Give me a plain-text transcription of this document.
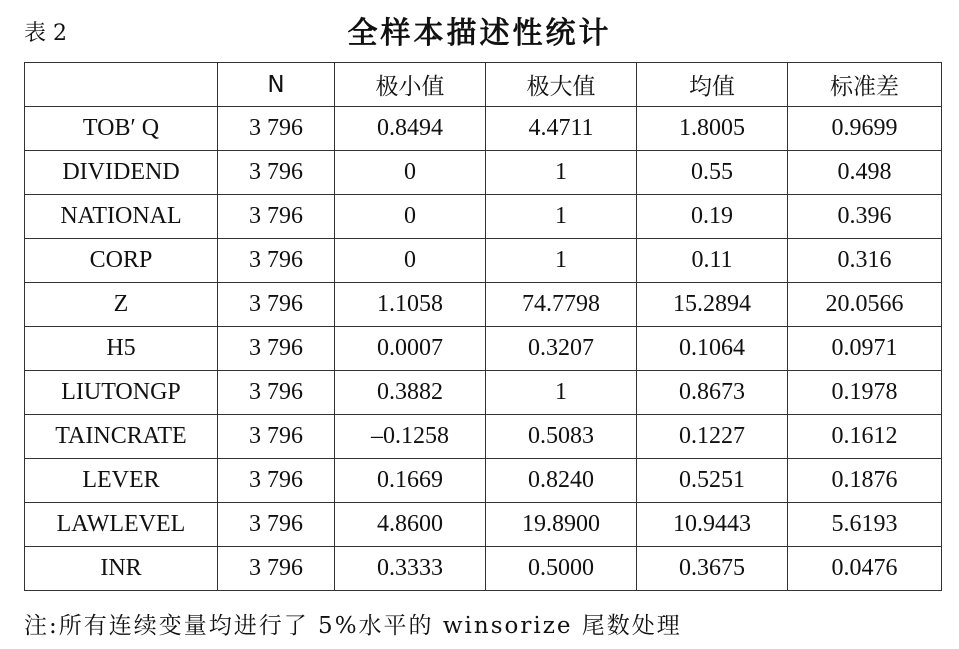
表 2	全样本描述性统计
	N	极小值	极大值	均值	标准差
TOB′ Q	3 796	0.8494	4.4711	1.8005	0.9699
DIVIDEND	3 796	0	1	0.55	0.498
NATIONAL	3 796	0	1	0.19	0.396
CORP	3 796	0	1	0.11	0.316
Z	3 796	1.1058	74.7798	15.2894	20.0566
H5	3 796	0.0007	0.3207	0.1064	0.0971
LIUTONGP	3 796	0.3882	1	0.8673	0.1978
TAINCRATE	3 796	–0.1258	0.5083	0.1227	0.1612
LEVER	3 796	0.1669	0.8240	0.5251	0.1876
LAWLEVEL	3 796	4.8600	19.8900	10.9443	5.6193
INR	3 796	0.3333	0.5000	0.3675	0.0476
注:所有连续变量均进行了 5%水平的 winsorize 尾数处理
